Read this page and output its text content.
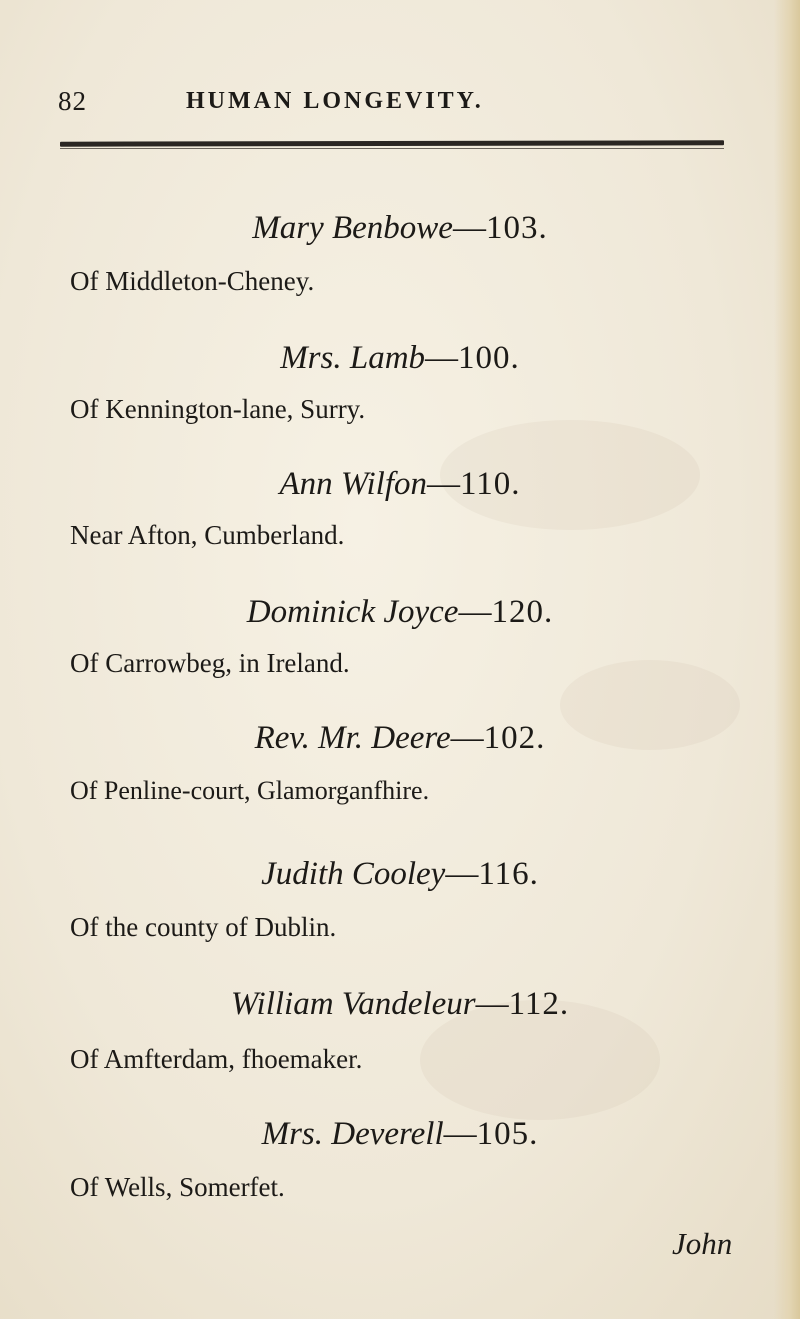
82	HUMAN LONGEVITY.
Mary Benbowe—103.
Of Middleton-Cheney.
Mrs. Lamb—100.
Of Kennington-lane, Surry.
Ann Wilfon—110.
Near Afton, Cumberland.
Dominick Joyce—120.
Of Carrowbeg, in Ireland.
Rev. Mr. Deere—102.
Of Penline-court, Glamorganfhire.
Judith Cooley—116.
Of the county of Dublin.
William Vandeleur—112.
Of Amfterdam, fhoemaker.
Mrs. Deverell—105.
Of Wells, Somerfet.
John
